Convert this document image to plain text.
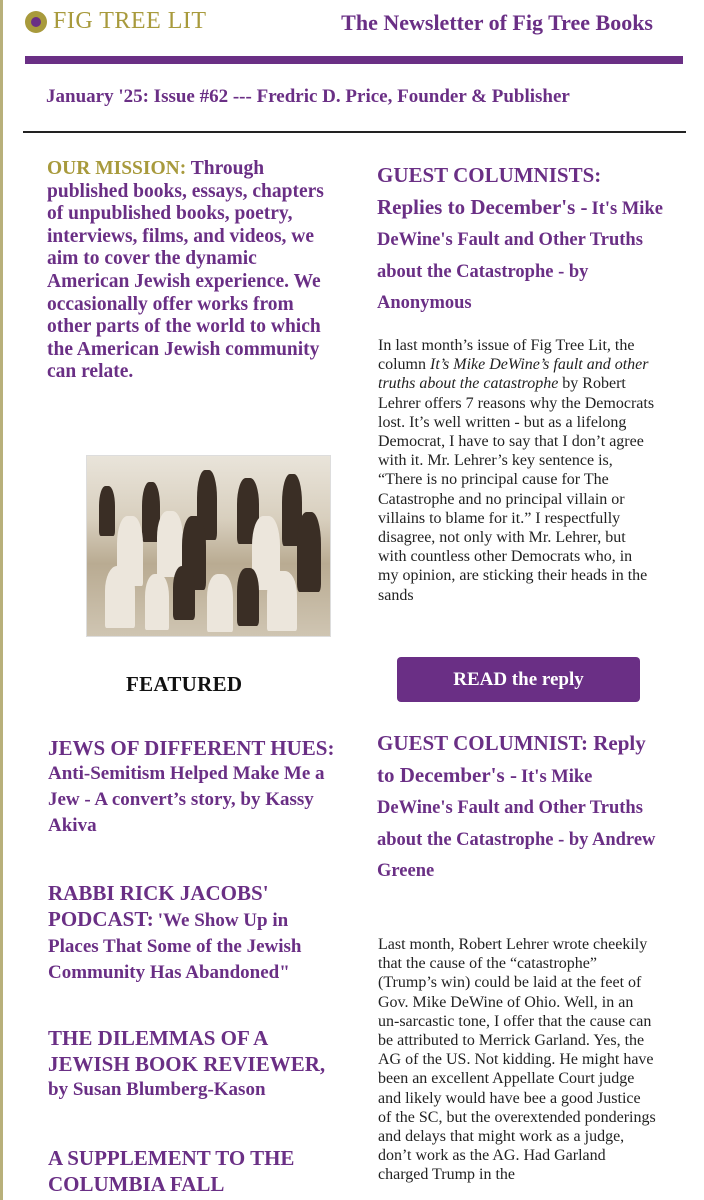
FIG TREE LIT	The Newsletter of Fig Tree Books
January '25: Issue #62 --- Fredric D. Price, Founder & Publisher
OUR MISSION: Through published books, essays, chapters of unpublished books, poetry, interviews, films, and videos, we aim to cover the dynamic American Jewish experience. We occasionally offer works from other parts of the world to which the American Jewish community can relate.
FEATURED
JEWS OF DIFFERENT HUES: Anti-Semitism Helped Make Me a Jew - A convert’s story, by Kassy Akiva
RABBI RICK JACOBS' PODCAST: 'We Show Up in Places That Some of the Jewish Community Has Abandoned"
THE DILEMMAS OF A JEWISH BOOK REVIEWER, by Susan Blumberg-Kason
A SUPPLEMENT TO THE COLUMBIA FALL
GUEST COLUMNISTS: Replies to December's - It's Mike DeWine's Fault and Other Truths about the Catastrophe - by Anonymous
In last month’s issue of Fig Tree Lit, the column It’s Mike DeWine’s fault and other truths about the catastrophe by Robert Lehrer offers 7 reasons why the Democrats lost. It’s well written - but as a lifelong Democrat, I have to say that I don’t agree with it. Mr. Lehrer’s key sentence is, “There is no principal cause for The Catastrophe and no principal villain or villains to blame for it.” I respectfully disagree, not only with Mr. Lehrer, but with countless other Democrats who, in my opinion, are sticking their heads in the sands
READ the reply
GUEST COLUMNIST: Reply to December's - It's Mike DeWine's Fault and Other Truths about the Catastrophe - by Andrew Greene
Last month, Robert Lehrer wrote cheekily that the cause of the “catastrophe” (Trump’s win) could be laid at the feet of Gov. Mike DeWine of Ohio. Well, in an un-sarcastic tone, I offer that the cause can be attributed to Merrick Garland. Yes, the AG of the US. Not kidding. He might have been an excellent Appellate Court judge and likely would have bee a good Justice of the SC, but the overextended ponderings and delays that might work as a judge, don’t work as the AG. Had Garland charged Trump in the
